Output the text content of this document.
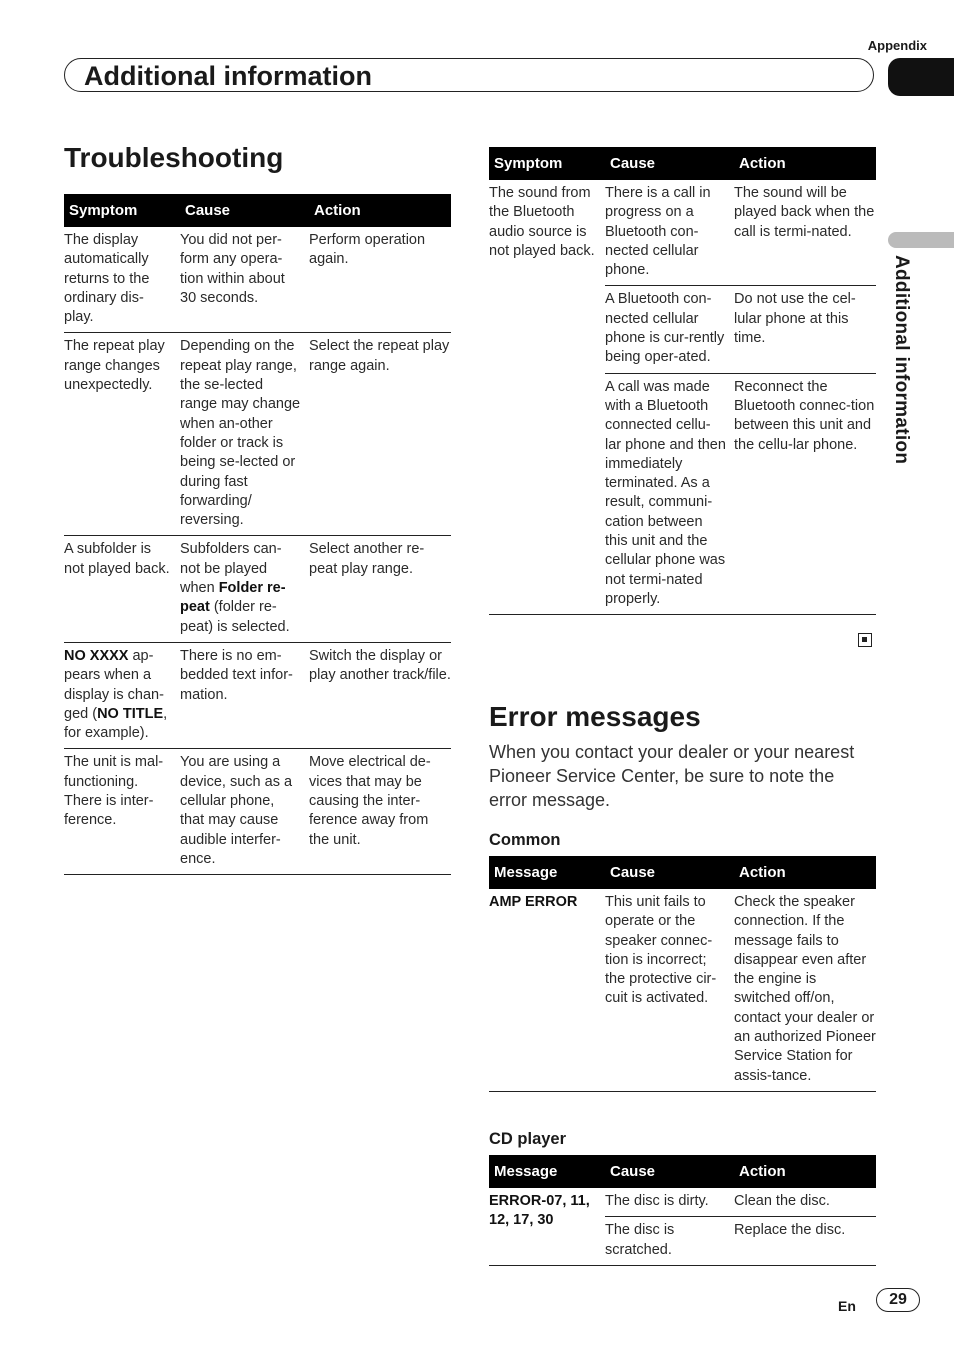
Appendix
Additional information
Additional information
Troubleshooting
Symptom	Cause	Action
The display automatically returns to the ordinary dis-play.	You did not per-form any opera-tion within about 30 seconds.	Perform operation again.
The repeat play range changes unexpectedly.	Depending on the repeat play range, the se-lected range may change when an-other folder or track is being se-lected or during fast forwarding/ reversing.	Select the repeat play range again.
A subfolder is not played back.	Subfolders can-not be played when Folder re-peat (folder re-peat) is selected.	Select another re-peat play range.
NO XXXX ap-pears when a display is chan-ged (NO TITLE, for example).	There is no em-bedded text infor-mation.	Switch the display or play another track/file.
The unit is mal-functioning. There is inter-ference.	You are using a device, such as a cellular phone, that may cause audible interfer-ence.	Move electrical de-vices that may be causing the inter-ference away from the unit.
Symptom	Cause	Action
The sound from the Bluetooth audio source is not played back.	There is a call in progress on a Bluetooth con-nected cellular phone.	The sound will be played back when the call is termi-nated.
	A Bluetooth con-nected cellular phone is cur-rently being oper-ated.	Do not use the cel-lular phone at this time.
	A call was made with a Bluetooth connected cellu-lar phone and then immediately terminated. As a result, communi-cation between this unit and the cellular phone was not termi-nated properly.	Reconnect the Bluetooth connec-tion between this unit and the cellu-lar phone.
Error messages
When you contact your dealer or your nearest Pioneer Service Center, be sure to note the error message.
Common
Message	Cause	Action
AMP ERROR	This unit fails to operate or the speaker connec-tion is incorrect; the protective cir-cuit is activated.	Check the speaker connection. If the message fails to disappear even after the engine is switched off/on, contact your dealer or an authorized Pioneer Service Station for assis-tance.
CD player
Message	Cause	Action
ERROR-07, 11, 12, 17, 30	The disc is dirty.	Clean the disc.
	The disc is scratched.	Replace the disc.
En	29
